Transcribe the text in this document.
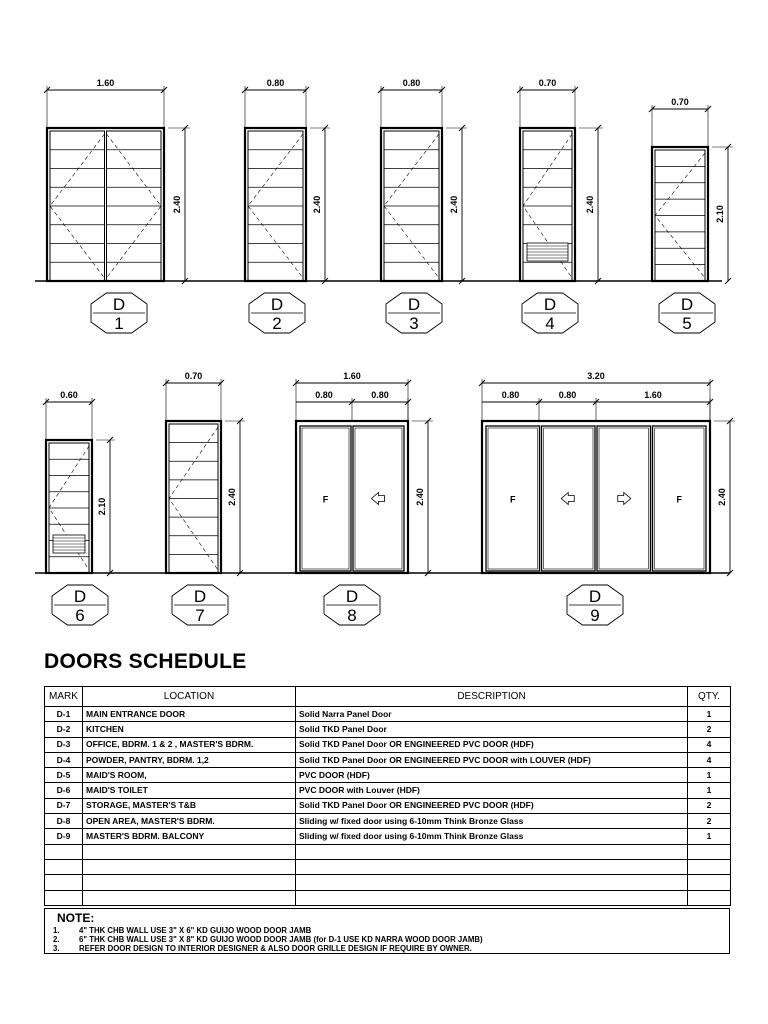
1.60
2.40
D
1
0.80
2.40
D
2
0.80
2.40
D
3
0.70
2.40
D
4
0.70
2.10
D
5
0.60
2.10
D
6
0.70
2.40
D
7
F
1.60
0.80	0.80
2.40
D
8
F	F
3.20
0.80	0.80	1.60
2.40
D
9
DOORS SCHEDULE
MARK	LOCATION	DESCRIPTION	QTY.
D-1	MAIN ENTRANCE DOOR	Solid Narra Panel Door	1
D-2	KITCHEN	Solid TKD Panel Door	2
D-3	OFFICE, BDRM. 1 & 2 , MASTER'S BDRM.	Solid TKD Panel Door OR ENGINEERED PVC DOOR (HDF)	4
D-4	POWDER, PANTRY, BDRM. 1,2	Solid TKD Panel Door OR ENGINEERED PVC DOOR with LOUVER (HDF)	4
D-5	MAID'S ROOM,	PVC DOOR (HDF)	1
D-6	MAID'S TOILET	PVC DOOR with Louver (HDF)	1
D-7	STORAGE, MASTER'S T&B	Solid TKD Panel Door OR ENGINEERED PVC DOOR (HDF)	2
D-8	OPEN AREA, MASTER'S BDRM.	Sliding w/ fixed door using 6-10mm Think Bronze Glass	2
D-9	MASTER'S BDRM. BALCONY	Sliding w/ fixed door using 6-10mm Think Bronze Glass	1

NOTE:

1. 4" THK CHB WALL USE 3" X 6" KD GUIJO WOOD DOOR JAMB

2. 6" THK CHB WALL USE 3" X 8" KD GUIJO WOOD DOOR JAMB (for D-1 USE KD NARRA WOOD DOOR JAMB)

3. REFER DOOR DESIGN TO INTERIOR DESIGNER & ALSO DOOR GRILLE DESIGN IF REQUIRE BY OWNER.
